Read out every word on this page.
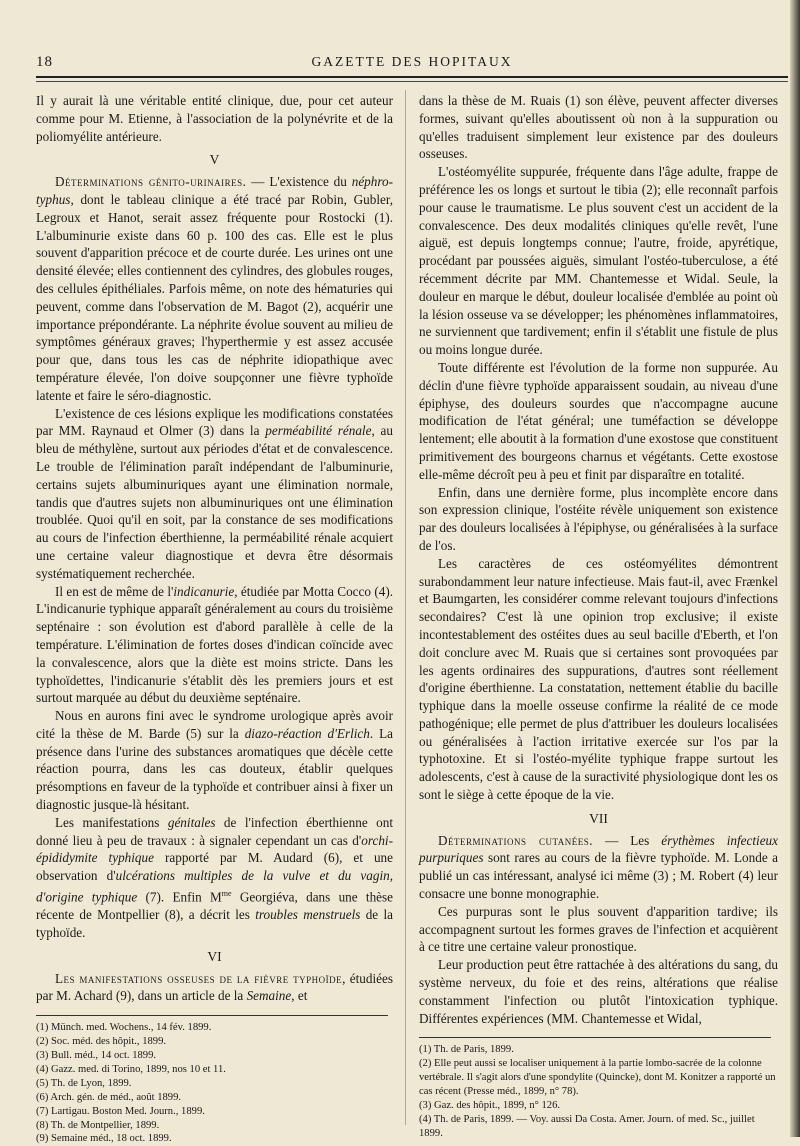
18	GAZETTE DES HOPITAUX

Il y aurait là une véritable entité clinique, due, pour cet auteur comme pour M. Etienne, à l'association de la polynévrite et de la poliomyélite antérieure.

V

Déterminations génito-urinaires. — L'existence du néphro-typhus, dont le tableau clinique a été tracé par Robin, Gubler, Legroux et Hanot, serait assez fréquente pour Rostocki (1). L'albuminurie existe dans 60 p. 100 des cas. Elle est le plus souvent d'apparition précoce et de courte durée. Les urines ont une densité élevée; elles contiennent des cylindres, des globules rouges, des cellules épithéliales. Parfois même, on note des hématuries qui peuvent, comme dans l'observation de M. Bagot (2), acquérir une importance prépondérante. La néphrite évolue souvent au milieu de symptômes généraux graves; l'hyperthermie y est assez accusée pour que, dans tous les cas de néphrite idiopathique avec température élevée, l'on doive soupçonner une fièvre typhoïde latente et faire le séro-diagnostic.

L'existence de ces lésions explique les modifications constatées par MM. Raynaud et Olmer (3) dans la perméabilité rénale, au bleu de méthylène, surtout aux périodes d'état et de convalescence. Le trouble de l'élimination paraît indépendant de l'albuminurie, certains sujets albuminuriques ayant une élimination normale, tandis que d'autres sujets non albuminuriques ont une élimination troublée. Quoi qu'il en soit, par la constance de ses modifications au cours de l'infection éberthienne, la perméabilité rénale acquiert une certaine valeur diagnostique et devra être désormais systématiquement recherchée.

Il en est de même de l'indicanurie, étudiée par Motta Cocco (4). L'indicanurie typhique apparaît généralement au cours du troisième septénaire : son évolution est d'abord parallèle à celle de la température. L'élimination de fortes doses d'indican coïncide avec la convalescence, alors que la diète est moins stricte. Dans les typhoïdettes, l'indicanurie s'établit dès les premiers jours et est surtout marquée au début du deuxième septénaire.

Nous en aurons fini avec le syndrome urologique après avoir cité la thèse de M. Barde (5) sur la diazo-réaction d'Erlich. La présence dans l'urine des substances aromatiques que décèle cette réaction pourra, dans les cas douteux, établir quelques présomptions en faveur de la typhoïde et contribuer ainsi à fixer un diagnostic jusque-là hésitant.

Les manifestations génitales de l'infection éberthienne ont donné lieu à peu de travaux : à signaler cependant un cas d'orchi-épididymite typhique rapporté par M. Audard (6), et une observation d'ulcérations multiples de la vulve et du vagin, d'origine typhique (7). Enfin $M^{me}$ Georgiéva, dans une thèse récente de Montpellier (8), a décrit les troubles menstruels de la typhoïde.

VI

Les manifestations osseuses de la fièvre typhoïde, étudiées par M. Achard (9), dans un article de la Semaine, et

(1) Münch. med. Wochens., 14 fév. 1899.
(2) Soc. méd. des hôpit., 1899.
(3) Bull. méd., 14 oct. 1899.
(4) Gazz. med. di Torino, 1899, nos 10 et 11.
(5) Th. de Lyon, 1899.
(6) Arch. gén. de méd., août 1899.
(7) Lartigau. Boston Med. Journ., 1899.
(8) Th. de Montpellier, 1899.
(9) Semaine méd., 18 oct. 1899.

dans la thèse de M. Ruais (1) son élève, peuvent affecter diverses formes, suivant qu'elles aboutissent où non à la suppuration ou qu'elles traduisent simplement leur existence par des douleurs osseuses.

L'ostéomyélite suppurée, fréquente dans l'âge adulte, frappe de préférence les os longs et surtout le tibia (2); elle reconnaît parfois pour cause le traumatisme. Le plus souvent c'est un accident de la convalescence. Des deux modalités cliniques qu'elle revêt, l'une aiguë, est depuis longtemps connue; l'autre, froide, apyrétique, procédant par poussées aiguës, simulant l'ostéo-tuberculose, a été récemment décrite par MM. Chantemesse et Widal. Seule, la douleur en marque le début, douleur localisée d'emblée au point où la lésion osseuse va se développer; les phénomènes inflammatoires, ne surviennent que tardivement; enfin il s'établit une fistule de plus ou moins longue durée.

Toute différente est l'évolution de la forme non suppurée. Au déclin d'une fièvre typhoïde apparaissent soudain, au niveau d'une épiphyse, des douleurs sourdes que n'accompagne aucune modification de l'état général; une tuméfaction se développe lentement; elle aboutit à la formation d'une exostose que constituent primitivement des bourgeons charnus et végétants. Cette exostose elle-même décroît peu à peu et finit par disparaître en totalité.

Enfin, dans une dernière forme, plus incomplète encore dans son expression clinique, l'ostéite révèle uniquement son existence par des douleurs localisées à l'épiphyse, ou généralisées à la surface de l'os.

Les caractères de ces ostéomyélites démontrent surabondamment leur nature infectieuse. Mais faut-il, avec Frænkel et Baumgarten, les considérer comme relevant toujours d'infections secondaires? C'est là une opinion trop exclusive; il existe incontestablement des ostéites dues au seul bacille d'Eberth, et l'on doit conclure avec M. Ruais que si certaines sont provoquées par les agents ordinaires des suppurations, d'autres sont réellement d'origine éberthienne. La constatation, nettement établie du bacille typhique dans la moelle osseuse confirme la réalité de ce mode pathogénique; elle permet de plus d'attribuer les douleurs localisées ou généralisées à l'action irritative exercée sur l'os par la typhotoxine. Et si l'ostéo-myélite typhique frappe surtout les adolescents, c'est à cause de la suractivité physiologique dont les os sont le siège à cette époque de la vie.

VII

Déterminations cutanées. — Les érythèmes infectieux purpuriques sont rares au cours de la fièvre typhoïde. M. Londe a publié un cas intéressant, analysé ici même (3) ; M. Robert (4) leur consacre une bonne monographie.

Ces purpuras sont le plus souvent d'apparition tardive; ils accompagnent surtout les formes graves de l'infection et acquièrent à ce titre une certaine valeur pronostique.

Leur production peut être rattachée à des altérations du sang, du système nerveux, du foie et des reins, altérations que réalise constamment l'infection ou plutôt l'intoxication typhique. Différentes expériences (MM. Chantemesse et Widal,

(1) Th. de Paris, 1899.
(2) Elle peut aussi se localiser uniquement à la partie lombo-sacrée de la colonne vertébrale. Il s'agit alors d'une spondylite (Quincke), dont M. Konitzer a rapporté un cas récent (Presse méd., 1899, n° 78).
(3) Gaz. des hôpit., 1899, n° 126.
(4) Th. de Paris, 1899. — Voy. aussi Da Costa. Amer. Journ. of med. Sc., juillet 1899.
